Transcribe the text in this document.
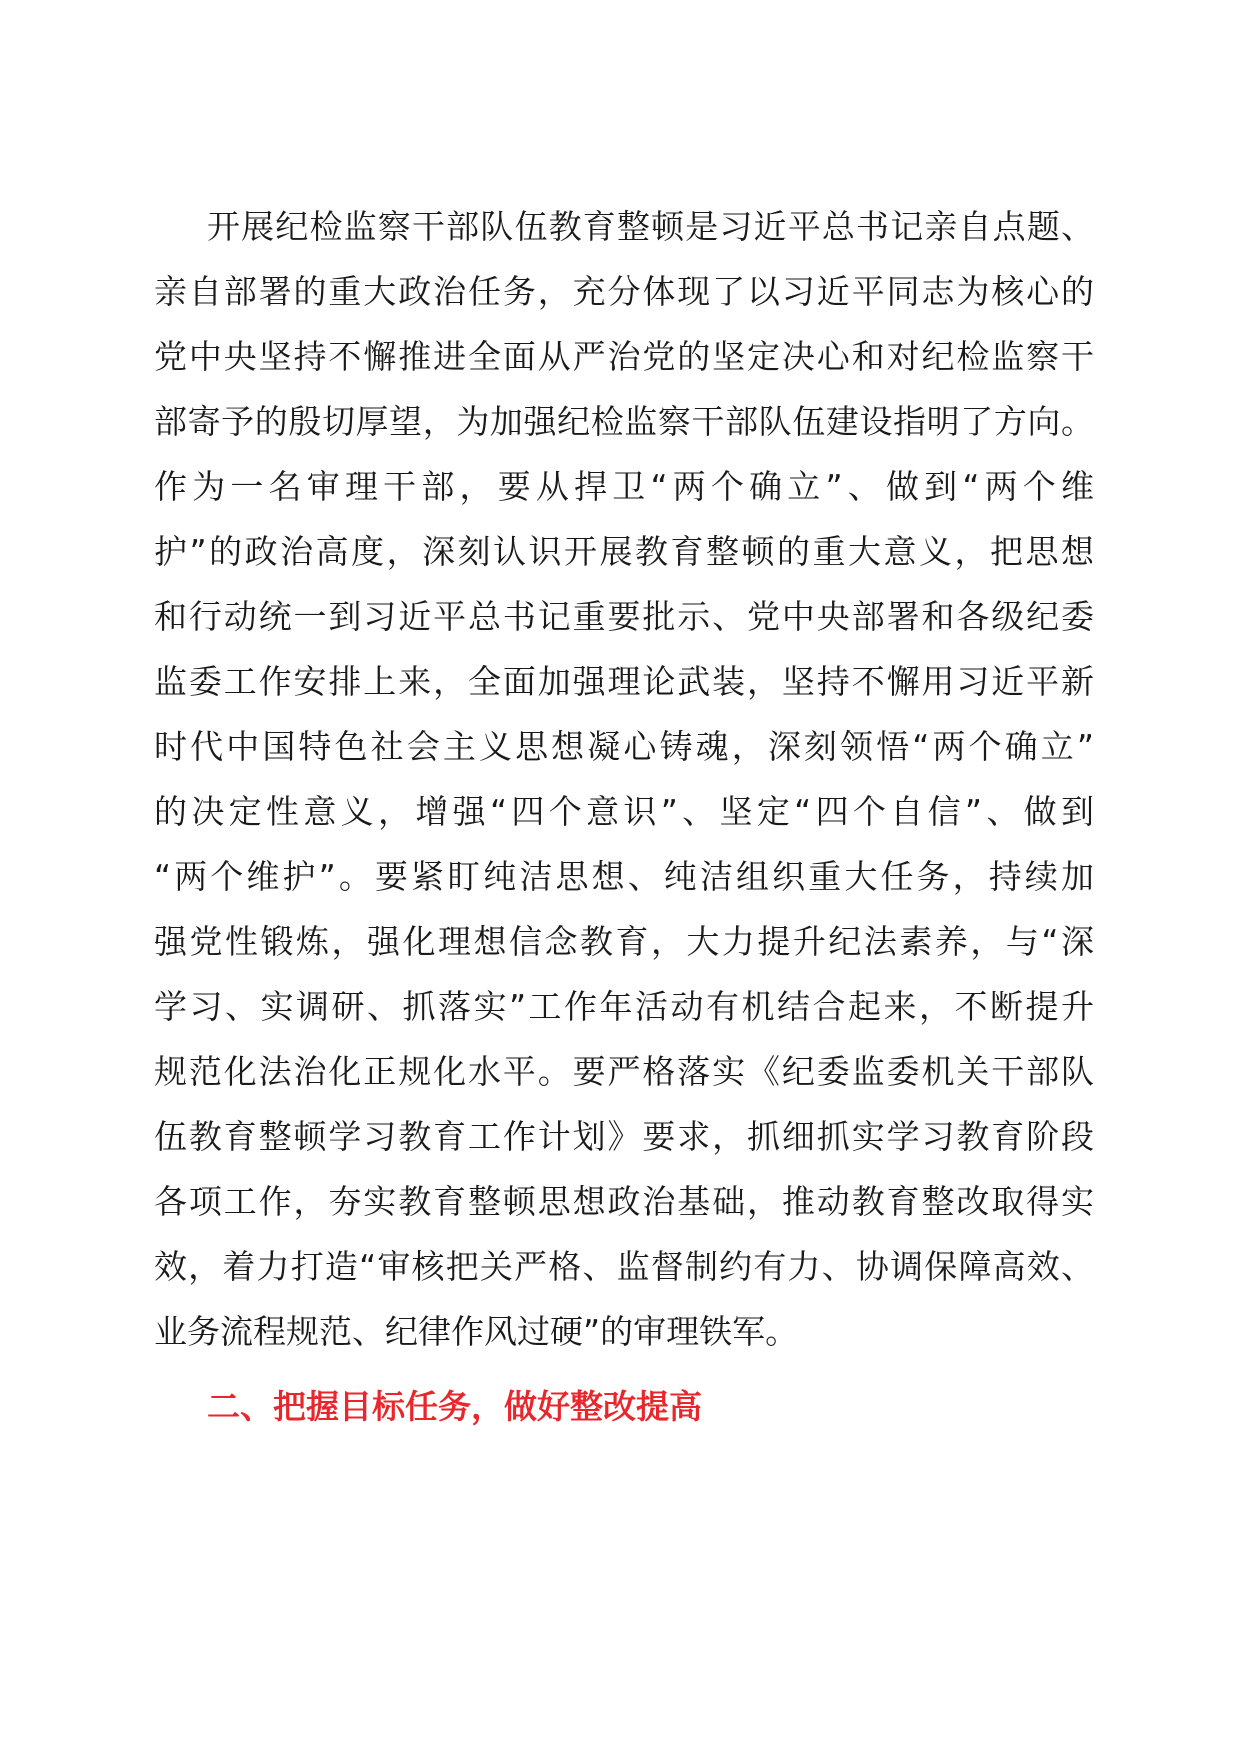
开展纪检监察干部队伍教育整顿是习近平总书记亲自点题、
亲自部署的重大政治任务，充分体现了以习近平同志为核心的
党中央坚持不懈推进全面从严治党的坚定决心和对纪检监察干
部寄予的殷切厚望，为加强纪检监察干部队伍建设指明了方向。
作为一名审理干部，要从捍卫“两个确立”、做到“两个维
护”的政治高度，深刻认识开展教育整顿的重大意义，把思想
和行动统一到习近平总书记重要批示、党中央部署和各级纪委
监委工作安排上来，全面加强理论武装，坚持不懈用习近平新
时代中国特色社会主义思想凝心铸魂，深刻领悟“两个确立”
的决定性意义，增强“四个意识”、坚定“四个自信”、做到
“两个维护”。要紧盯纯洁思想、纯洁组织重大任务，持续加
强党性锻炼，强化理想信念教育，大力提升纪法素养，与“深
学习、实调研、抓落实”工作年活动有机结合起来，不断提升
规范化法治化正规化水平。要严格落实《纪委监委机关干部队
伍教育整顿学习教育工作计划》要求，抓细抓实学习教育阶段
各项工作，夯实教育整顿思想政治基础，推动教育整改取得实
效，着力打造“审核把关严格、监督制约有力、协调保障高效、
业务流程规范、纪律作风过硬”的审理铁军。
二、把握目标任务，做好整改提高
